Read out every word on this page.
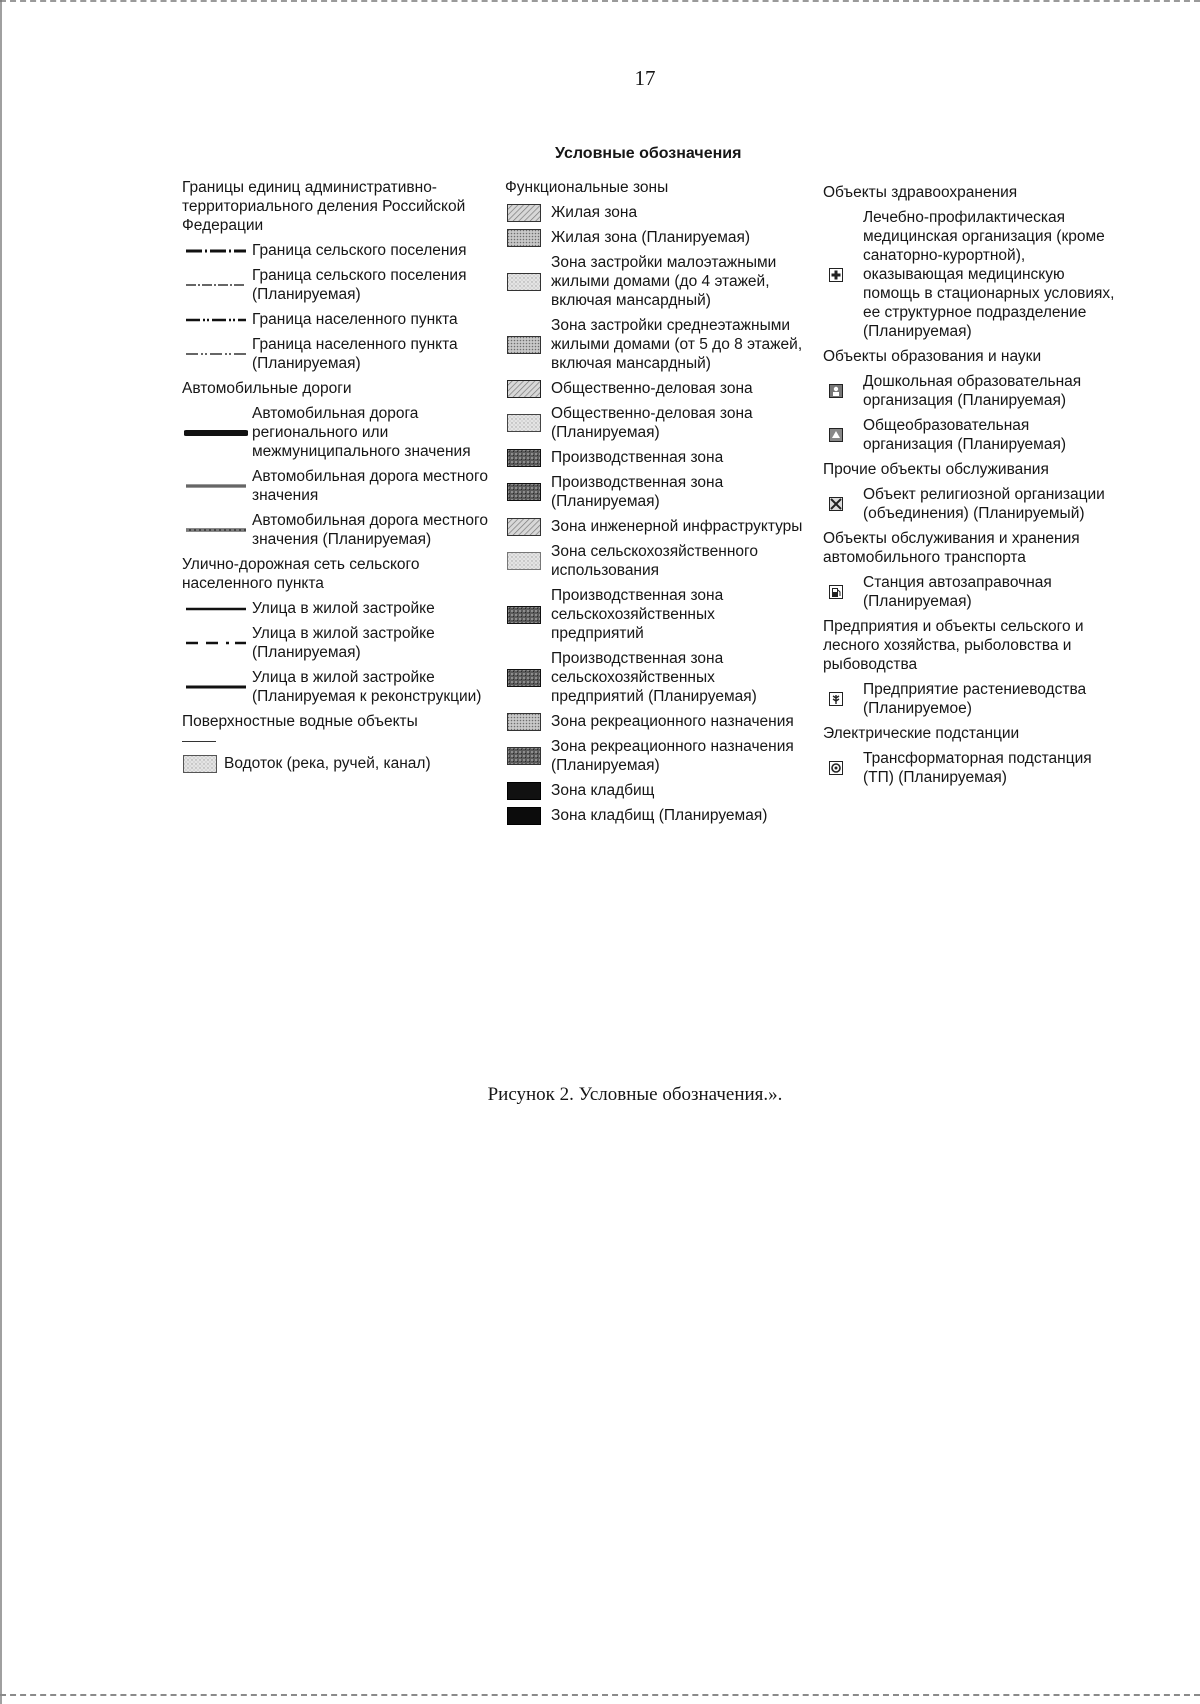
17
Условные обозначения
Границы единиц административно-территориального деления Российской Федерации
Граница сельского поселения
Граница сельского поселения (Планируемая)
Граница населенного пункта
Граница населенного пункта (Планируемая)
Автомобильные дороги
Автомобильная дорога регионального или межмуниципального значения
Автомобильная дорога местного значения
Автомобильная дорога местного значения (Планируемая)
Улично-дорожная сеть сельского населенного пункта
Улица в жилой застройке
Улица в жилой застройке (Планируемая)
Улица в жилой застройке (Планируемая к реконструкции)
Поверхностные водные объекты
Водоток (река, ручей, канал)
Функциональные зоны
Жилая зона
Жилая зона (Планируемая)
Зона застройки малоэтажными жилыми домами (до 4 этажей, включая мансардный)
Зона застройки среднеэтажными жилыми домами (от 5 до 8 этажей, включая мансардный)
Общественно-деловая зона
Общественно-деловая зона (Планируемая)
Производственная зона
Производственная зона (Планируемая)
Зона инженерной инфраструктуры
Зона сельскохозяйственного использования
Производственная зона сельскохозяйственных предприятий
Производственная зона сельскохозяйственных предприятий (Планируемая)
Зона рекреационного назначения
Зона рекреационного назначения (Планируемая)
Зона кладбищ
Зона кладбищ (Планируемая)
Объекты здравоохранения
Лечебно-профилактическая медицинская организация (кроме санаторно-курортной), оказывающая медицинскую помощь в стационарных условиях, ее структурное подразделение (Планируемая)
Объекты образования и науки
Дошкольная образовательная организация (Планируемая)
Общеобразовательная организация (Планируемая)
Прочие объекты обслуживания
Объект религиозной организации (объединения) (Планируемый)
Объекты обслуживания и хранения автомобильного транспорта
Станция автозаправочная (Планируемая)
Предприятия и объекты сельского и лесного хозяйства, рыболовства и рыбоводства
Предприятие растениеводства (Планируемое)
Электрические подстанции
Трансформаторная подстанция (ТП) (Планируемая)
Рисунок 2. Условные обозначения.».
